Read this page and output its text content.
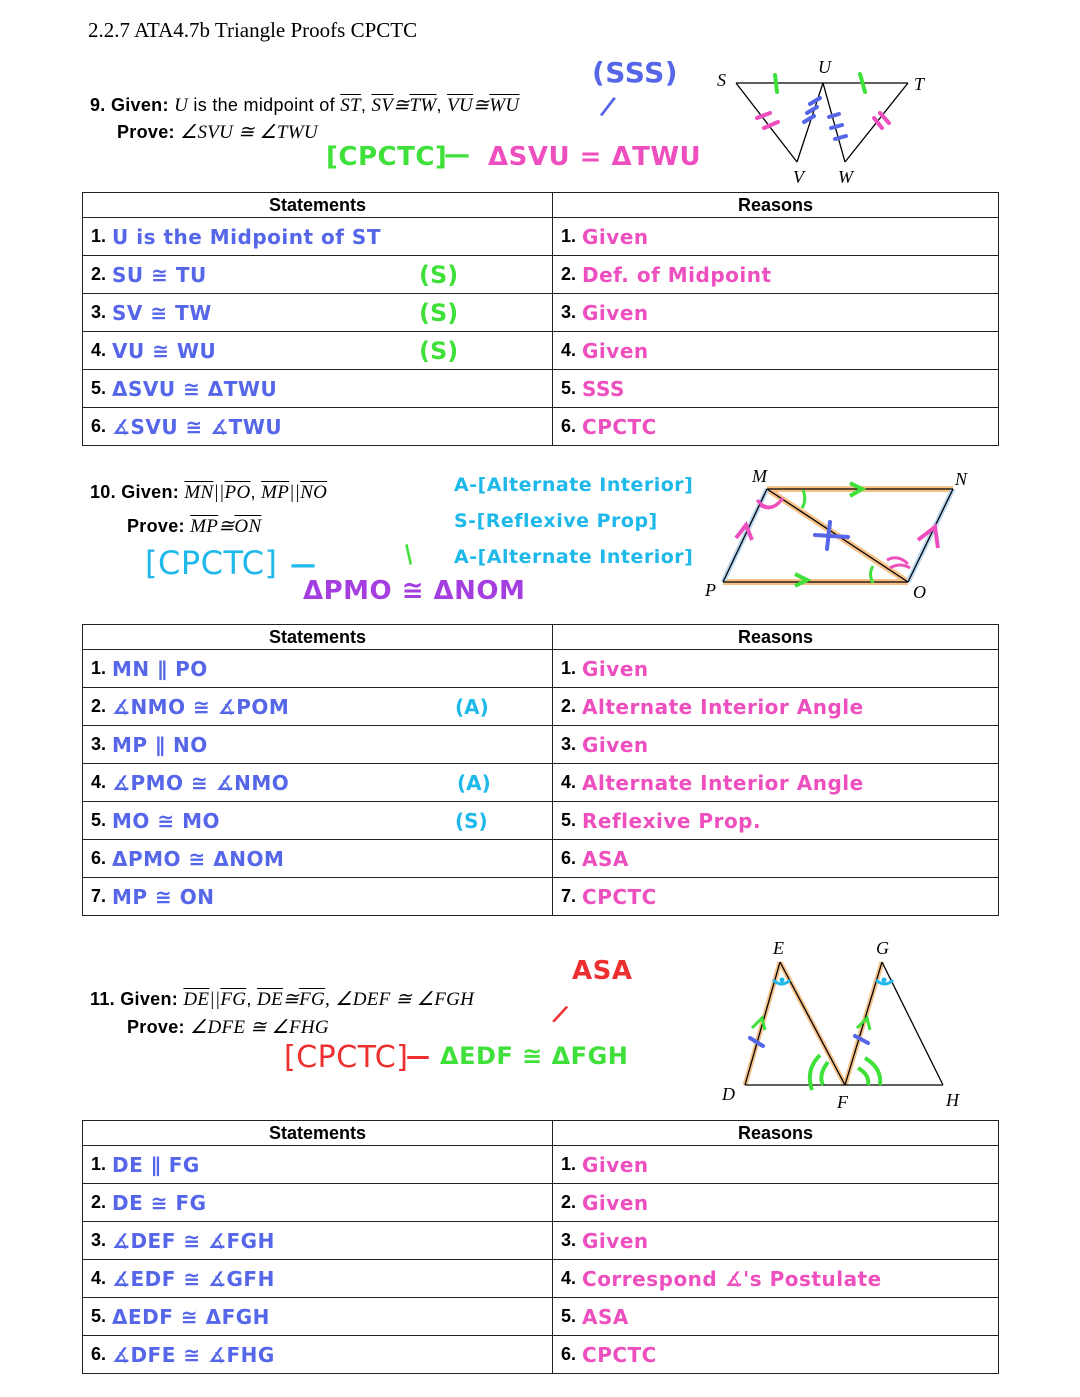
2.2.7 ATA4.7b Triangle Proofs CPCTC
9. Given: U is the midpoint of $\overline{ST}$, $\overline{SV}≅\overline{TW}$, $\overline{VU}≅\overline{WU}$
Prove: ∠SVU ≅ ∠TWU
(SSS)
/
[CPCTC]
— ΔSVU = ΔTWU
S
U
T
V W
Statements	Reasons

1. U is the Midpoint of ST	1. Given

2. SU ≅ TU (S)	2. Def. of Midpoint

3. SV ≅ TW (S)	3. Given

4. VU ≅ WU (S)	4. Given

5. ΔSVU ≅ ΔTWU	5. SSS

6. ∡SVU ≅ ∡TWU	6. CPCTC
10. Given: $\overline{MN}||\overline{PO}$, $\overline{MP}||\overline{NO}$
Prove: $\overline{MP}≅\overline{ON}$
A-[Alternate Interior]
S-[Reflexive Prop]
A-[Alternate Interior]
/
[CPCTC] —
ΔPMO ≅ ΔNOM
M	N
P	O
Statements	Reasons

1. MN ∥ PO	1. Given

2. ∡NMO ≅ ∡POM (A)	2. Alternate Interior Angle

3. MP ∥ NO	3. Given

4. ∡PMO ≅ ∡NMO (A)	4. Alternate Interior Angle

5. MO ≅ MO (S)	5. Reflexive Prop.

6. ΔPMO ≅ ΔNOM	6. ASA

7. MP ≅ ON	7. CPCTC
11. Given: $\overline{DE}||\overline{FG}$, $\overline{DE}≅\overline{FG}$, ∠DEF ≅ ∠FGH
Prove: ∠DFE ≅ ∠FHG
ASA
/
[CPCTC]
— ΔEDF ≅ ΔFGH
E	G
D	F	H
Statements	Reasons

1. DE ∥ FG	1. Given

2. DE ≅ FG	2. Given

3. ∡DEF ≅ ∡FGH	3. Given

4. ∡EDF ≅ ∡GFH	4. Correspond ∡'s Postulate

5. ΔEDF ≅ ΔFGH	5. ASA

6. ∡DFE ≅ ∡FHG	6. CPCTC
